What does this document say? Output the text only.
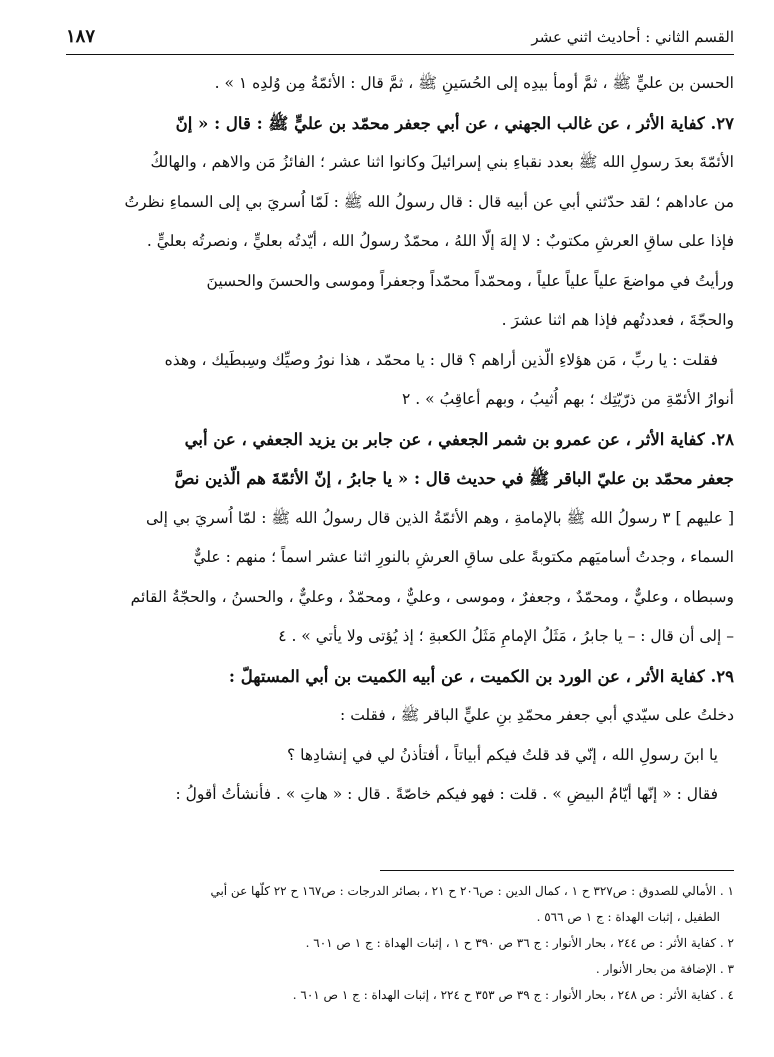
القسم الثاني : أحاديث اثني عشر
١٨٧
الحسن بن عليٍّ ﷺ ، ثمَّ أومأ بيدِه إلى الحُسَينِ ﷺ ، ثمَّ قال : الأئمّةُ مِن وُلدِه ١ » .
٢٧. كفاية الأثر ، عن غالب الجهني ، عن أبي جعفر محمّد بن عليٍّ ﷺ : قال : « إنّ
الأئمّةَ بعدَ رسولِ الله ﷺ بعدد نقباءِ بني إسرائيلَ وكانوا اثنا عشر ؛ الفائزُ مَن والاهم ، والهالكُ
من عاداهم ؛ لقد حدّثني أبي عن أبيه قال : قال رسولُ الله ﷺ : لَمّا اُسريَ بي إلى السماءِ نظرتُ
فإذا على ساقِ العرشِ مكتوبٌ : لا إلهَ إلّا اللهُ ، محمّدٌ رسولُ الله ، أيّدتُه بعليٍّ ، ونصرتُه بعليٍّ .
ورأيتُ في مواضعَ علياً علياً علياً ، ومحمّداً محمّداً وجعفراً وموسى والحسنَ والحسينَ
والحجّةَ ، فعددتُهم فإذا هم اثنا عشرَ .
فقلت : يا ربِّ ، مَن هؤلاءِ الّذين أراهم ؟ قال : يا محمّد ، هذا نورُ وصيِّك وسِبطَيك ، وهذه
أنوارُ الأئمّةِ من ذرّيّتِك ؛ بهم اُثيبُ ، وبهم أعاقِبُ » . ٢
٢٨. كفاية الأثر ، عن عمرو بن شمر الجعفي ، عن جابر بن يزيد الجعفي ، عن أبي
جعفر محمّد بن عليّ الباقر ﷺ في حديث قال : « يا جابرُ ، إنّ الأئمّةَ هم الّذين نصَّ
[ عليهم ] ٣ رسولُ الله ﷺ بالإمامةِ ، وهم الأئمّةُ الذين قال رسولُ الله ﷺ : لمّا اُسريَ بي إلى
السماء ، وجدتُ أساميَهم مكتوبةً على ساقِ العرشِ بالنورِ اثنا عشر اسماً ؛ منهم : عليٌّ
وسبطاه ، وعليٌّ ، ومحمّدٌ ، وجعفرٌ ، وموسى ، وعليٌّ ، ومحمّدٌ ، وعليٌّ ، والحسنُ ، والحجّةُ القائم
– إلى أن قال : – يا جابرُ ، مَثَلُ الإمامِ مَثَلُ الكعبةِ ؛ إذ يُؤتى ولا يأتي » . ٤
٢٩. كفاية الأثر ، عن الورد بن الكميت ، عن أبيه الكميت بن أبي المستهلّ :
دخلتُ على سيّدي أبي جعفر محمّدِ بنِ عليٍّ الباقر ﷺ ، فقلت :
يا ابنَ رسولِ الله ، إنّي قد قلتُ فيكم أبياتاً ، أفتأذنُ لي في إنشادِها ؟
فقال : « إنّها أيّامُ البيضِ » . قلت : فهو فيكم خاصّةً . قال : « هاتِ » . فأنشأتُ أقولُ :
١ . الأمالي للصدوق : ص٣٢٧ ح ١ ، كمال الدين : ص٢٠٦ ح ٢١ ، بصائر الدرجات : ص١٦٧ ح ٢٢ كلّها عن أبي
الطفيل ، إثبات الهداة : ج ١ ص ٥٦٦ .
٢ . كفاية الأثر : ص ٢٤٤ ، بحار الأنوار : ج ٣٦ ص ٣٩٠ ح ١ ، إثبات الهداة : ج ١ ص ٦٠١ .
٣ . الإضافة من بحار الأنوار .
٤ . كفاية الأثر : ص ٢٤٨ ، بحار الأنوار : ج ٣٩ ص ٣٥٣ ح ٢٢٤ ، إثبات الهداة : ج ١ ص ٦٠١ .
